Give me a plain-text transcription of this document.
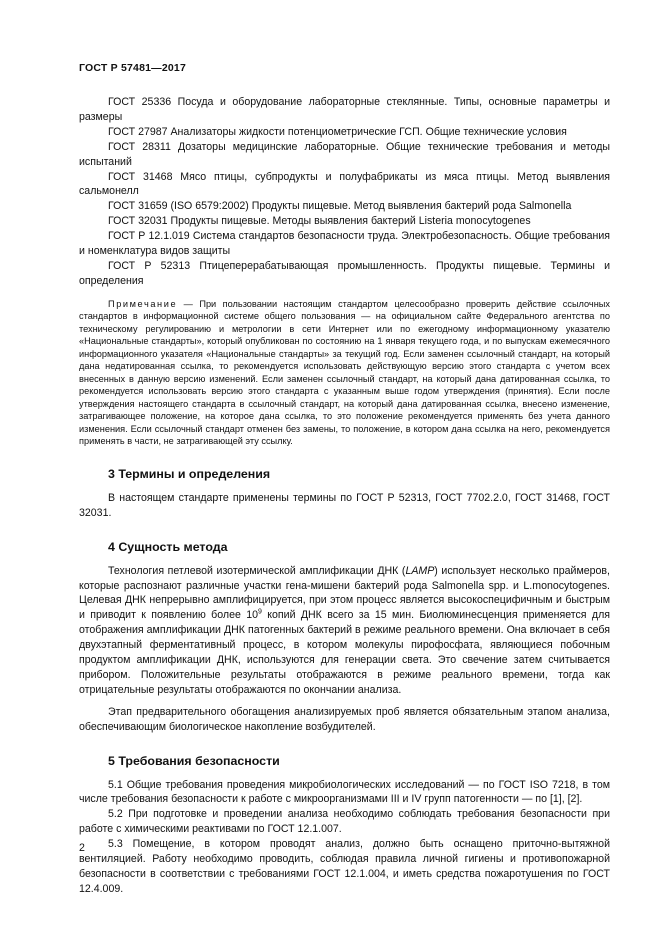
ГОСТ Р 57481—2017

ГОСТ 25336 Посуда и оборудование лабораторные стеклянные. Типы, основные параметры и размеры

ГОСТ 27987 Анализаторы жидкости потенциометрические ГСП. Общие технические условия

ГОСТ 28311 Дозаторы медицинские лабораторные. Общие технические требования и методы испытаний

ГОСТ 31468 Мясо птицы, субпродукты и полуфабрикаты из мяса птицы. Метод выявления сальмонелл

ГОСТ 31659 (ISO 6579:2002) Продукты пищевые. Метод выявления бактерий рода Salmonella

ГОСТ 32031 Продукты пищевые. Методы выявления бактерий Listeria monocytogenes

ГОСТ Р 12.1.019 Система стандартов безопасности труда. Электробезопасность. Общие требования и номенклатура видов защиты

ГОСТ Р 52313 Птицеперерабатывающая промышленность. Продукты пищевые. Термины и определения

Примечание — При пользовании настоящим стандартом целесообразно проверить действие ссылочных стандартов в информационной системе общего пользования — на официальном сайте Федерального агентства по техническому регулированию и метрологии в сети Интернет или по ежегодному информационному указателю «Национальные стандарты», который опубликован по состоянию на 1 января текущего года, и по выпускам ежемесячного информационного указателя «Национальные стандарты» за текущий год. Если заменен ссылочный стандарт, на который дана недатированная ссылка, то рекомендуется использовать действующую версию этого стандарта с учетом всех внесенных в данную версию изменений. Если заменен ссылочный стандарт, на который дана датированная ссылка, то рекомендуется использовать версию этого стандарта с указанным выше годом утверждения (принятия). Если после утверждения настоящего стандарта в ссылочный стандарт, на который дана датированная ссылка, внесено изменение, затрагивающее положение, на которое дана ссылка, то это положение рекомендуется применять без учета данного изменения. Если ссылочный стандарт отменен без замены, то положение, в котором дана ссылка на него, рекомендуется применять в части, не затрагивающей эту ссылку.

3 Термины и определения

В настоящем стандарте применены термины по ГОСТ Р 52313, ГОСТ 7702.2.0, ГОСТ 31468, ГОСТ 32031.

4 Сущность метода

Технология петлевой изотермической амплификации ДНК (LAMP) использует несколько праймеров, которые распознают различные участки гена-мишени бактерий рода Salmonella spp. и L.monocytogenes. Целевая ДНК непрерывно амплифицируется, при этом процесс является высокоспецифичным и быстрым и приводит к появлению более $10^9$ копий ДНК всего за 15 мин. Биолюминесценция применяется для отображения амплификации ДНК патогенных бактерий в режиме реального времени. Она включает в себя двухэтапный ферментативный процесс, в котором молекулы пирофосфата, являющиеся побочным продуктом амплификации ДНК, используются для генерации света. Это свечение затем считывается прибором. Положительные результаты отображаются в режиме реального времени, тогда как отрицательные результаты отображаются по окончании анализа.

Этап предварительного обогащения анализируемых проб является обязательным этапом анализа, обеспечивающим биологическое накопление возбудителей.

5 Требования безопасности

5.1 Общие требования проведения микробиологических исследований — по ГОСТ ISO 7218, в том числе требования безопасности к работе с микроорганизмами III и IV групп патогенности — по [1], [2].

5.2 При подготовке и проведении анализа необходимо соблюдать требования безопасности при работе с химическими реактивами по ГОСТ 12.1.007.

5.3 Помещение, в котором проводят анализ, должно быть оснащено приточно-вытяжной вентиляцией. Работу необходимо проводить, соблюдая правила личной гигиены и противопожарной безопасности в соответствии с требованиями ГОСТ 12.1.004, и иметь средства пожаротушения по ГОСТ 12.4.009.

2
